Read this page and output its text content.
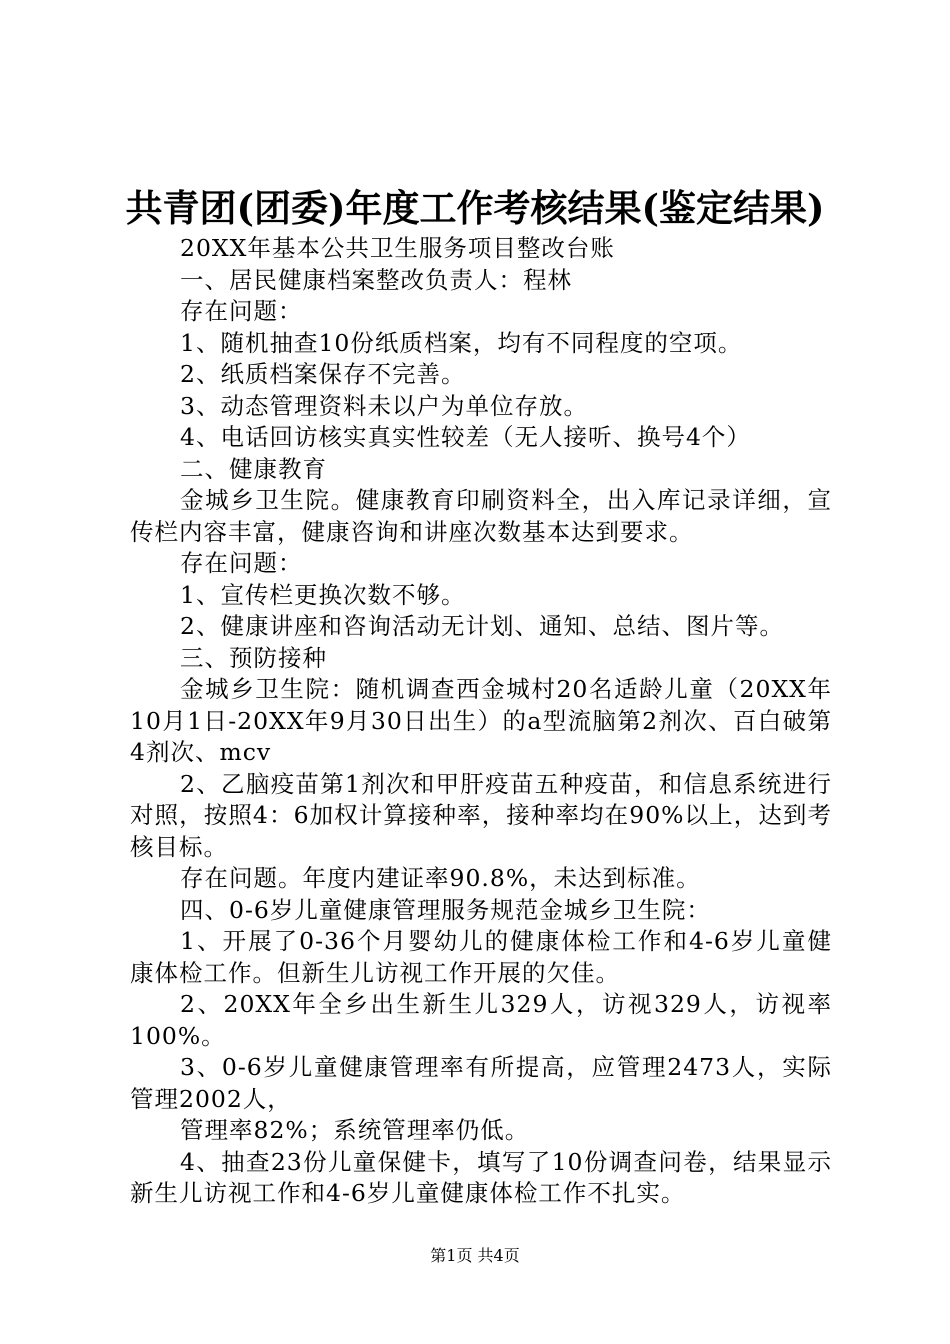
共青团(团委)年度工作考核结果(鉴定结果)

20XX年基本公共卫生服务项目整改台账

一、居民健康档案整改负责人：程林

存在问题：

1、随机抽查10份纸质档案，均有不同程度的空项。

2、纸质档案保存不完善。

3、动态管理资料未以户为单位存放。

4、电话回访核实真实性较差（无人接听、换号4个）

二、健康教育

金城乡卫生院。健康教育印刷资料全，出入库记录详细，宣传栏内容丰富，健康咨询和讲座次数基本达到要求。

存在问题：

1、宣传栏更换次数不够。

2、健康讲座和咨询活动无计划、通知、总结、图片等。

三、预防接种

金城乡卫生院：随机调查西金城村20名适龄儿童（20XX年10月1日-20XX年9月30日出生）的a型流脑第2剂次、百白破第4剂次、mcv

2、乙脑疫苗第1剂次和甲肝疫苗五种疫苗，和信息系统进行对照，按照4：6加权计算接种率，接种率均在90%以上，达到考核目标。

存在问题。年度内建证率90.8%，未达到标准。

四、0-6岁儿童健康管理服务规范金城乡卫生院：

1、开展了0-36个月婴幼儿的健康体检工作和4-6岁儿童健康体检工作。但新生儿访视工作开展的欠佳。

2、20XX年全乡出生新生儿329人，访视329人，访视率100%。

3、0-6岁儿童健康管理率有所提高，应管理2473人，实际管理2002人，

管理率82%；系统管理率仍低。

4、抽查23份儿童保健卡，填写了10份调查问卷，结果显示新生儿访视工作和4-6岁儿童健康体检工作不扎实。

第1页 共4页
